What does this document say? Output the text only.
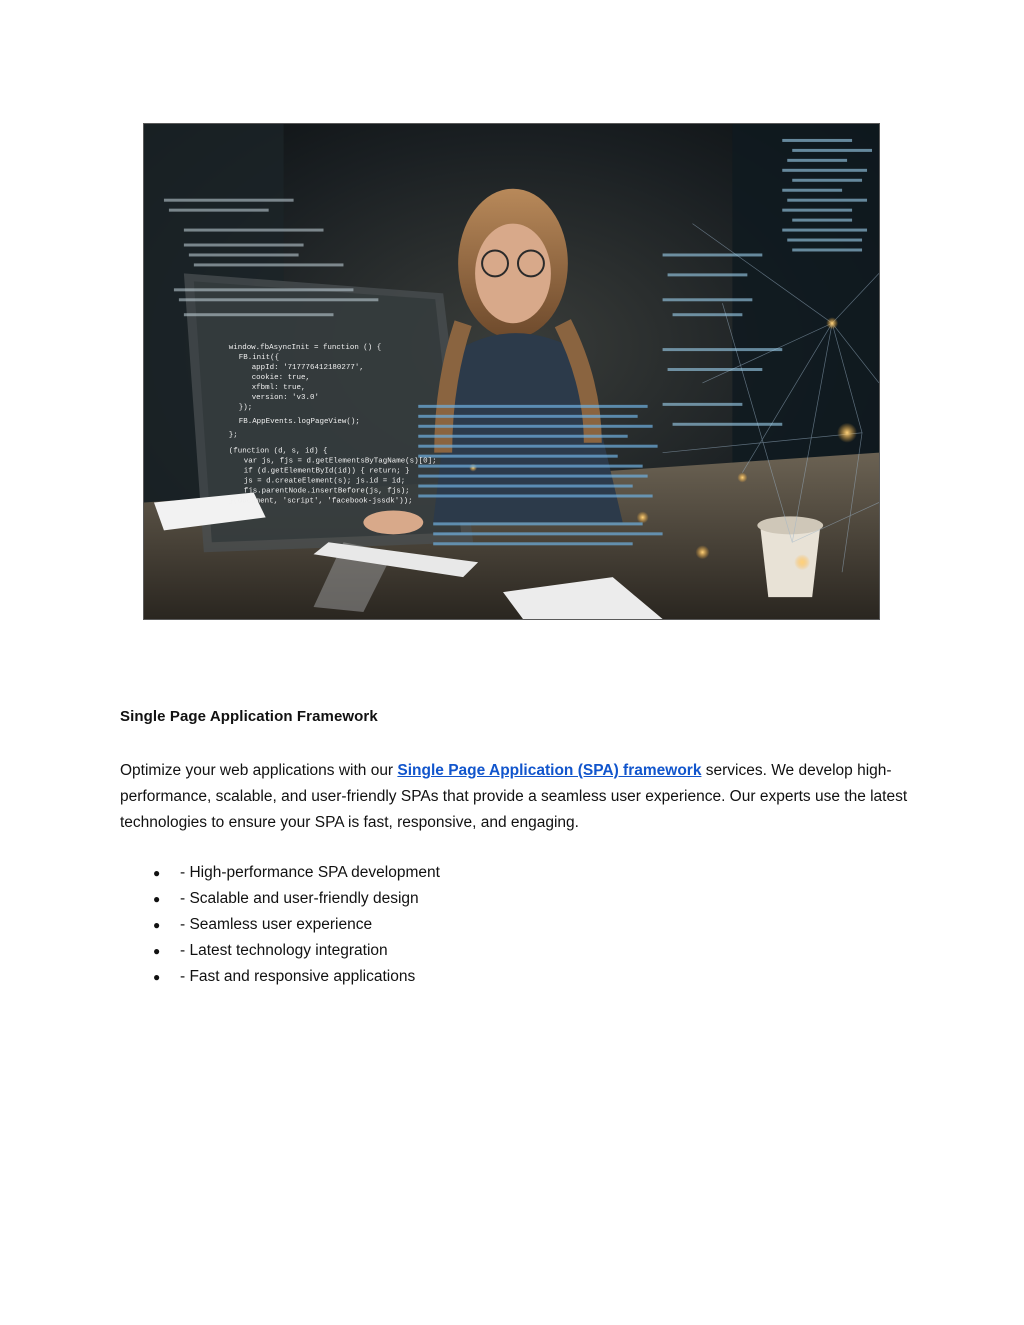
window.fbAsyncInit = function () {
FB.init({
appId: '717776412180277',
cookie: true,
xfbml: true,
version: 'v3.0'
});
FB.AppEvents.logPageView();
};
(function (d, s, id) {
var js, fjs = d.getElementsByTagName(s)[0];
if (d.getElementById(id)) { return; }
js = d.createElement(s); js.id = id;
fjs.parentNode.insertBefore(js, fjs);
}(document, 'script', 'facebook-jssdk'));
Single Page Application Framework
Optimize your web applications with our Single Page Application (SPA) framework services. We develop high-performance, scalable, and user-friendly SPAs that provide a seamless user experience. Our experts use the latest technologies to ensure your SPA is fast, responsive, and engaging.
● - High-performance SPA development
● - Scalable and user-friendly design
● - Seamless user experience
● - Latest technology integration
● - Fast and responsive applications
